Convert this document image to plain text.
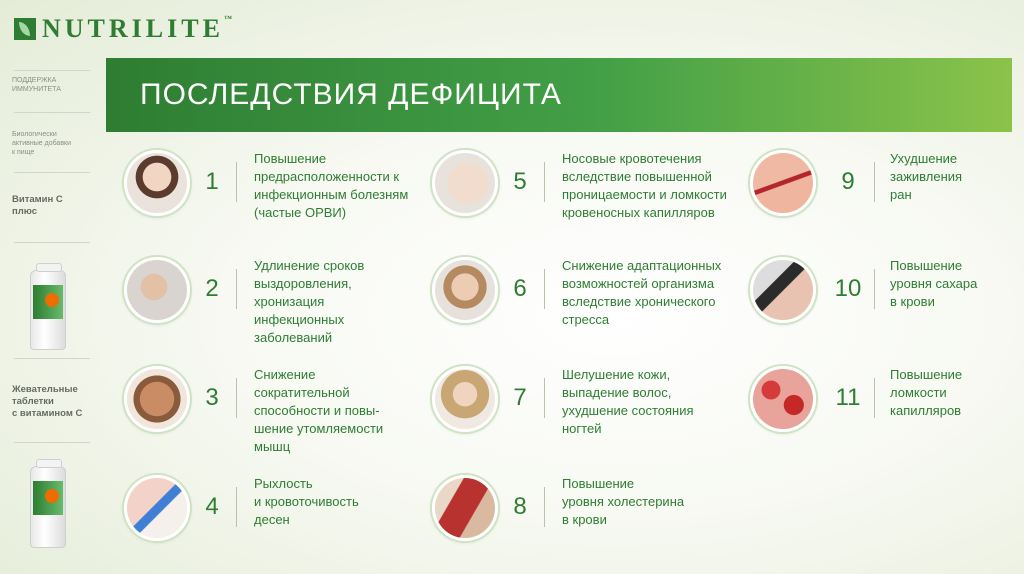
NUTRILITE™
ПОДДЕРЖКА
ИММУНИТЕТА
Биологически
активные добавки
к пище
Витамин С
плюс
Жевательные
таблетки
с витамином С
ПОСЛЕДСТВИЯ ДЕФИЦИТА
1
Повышение
предрасположенности к
инфекционным болезням
(частые ОРВИ)
2
Удлинение сроков
выздоровления,
хронизация
инфекционных
заболеваний
3
Снижение
сократительной
способности и повы-
шение утомляемости
мышц
4
Рыхлость
и кровоточивость
десен
5
Носовые кровотечения
вследствие повышенной
проницаемости и ломкости
кровеносных капилляров
6
Снижение адаптационных
возможностей организма
вследствие хронического
стресса
7
Шелушение кожи,
выпадение волос,
ухудшение состояния
ногтей
8
Повышение
уровня холестерина
в крови
9
Ухудшение
заживления
ран
10
Повышение
уровня сахара
в крови
11
Повышение
ломкости
капилляров
